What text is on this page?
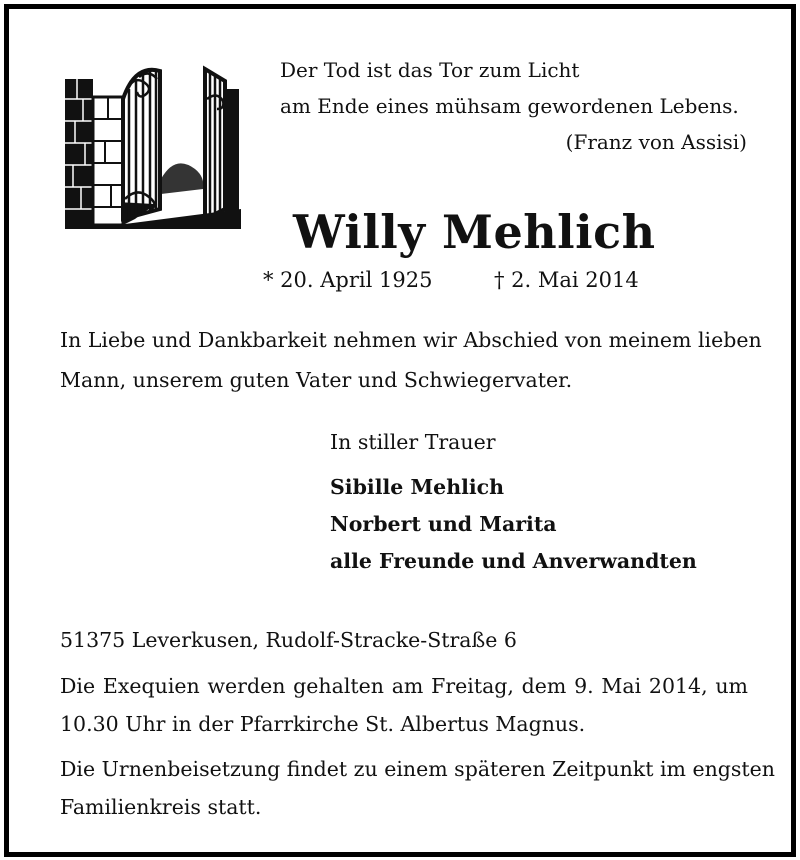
Der Tod ist das Tor zum Licht
am Ende eines mühsam gewordenen Lebens.
(Franz von Assisi)
Willy Mehlich
* 20. April 1925	† 2. Mai 2014
In Liebe und Dankbarkeit nehmen wir Abschied von meinem lieben
Mann, unserem guten Vater und Schwiegervater.
In stiller Trauer
Sibille Mehlich
Norbert und Marita
alle Freunde und Anverwandten
51375 Leverkusen, Rudolf-Stracke-Straße 6
Die Exequien werden gehalten am Freitag, dem 9. Mai 2014, um
10.30 Uhr in der Pfarrkirche St. Albertus Magnus.
Die Urnenbeisetzung findet zu einem späteren Zeitpunkt im engsten
Familienkreis statt.
